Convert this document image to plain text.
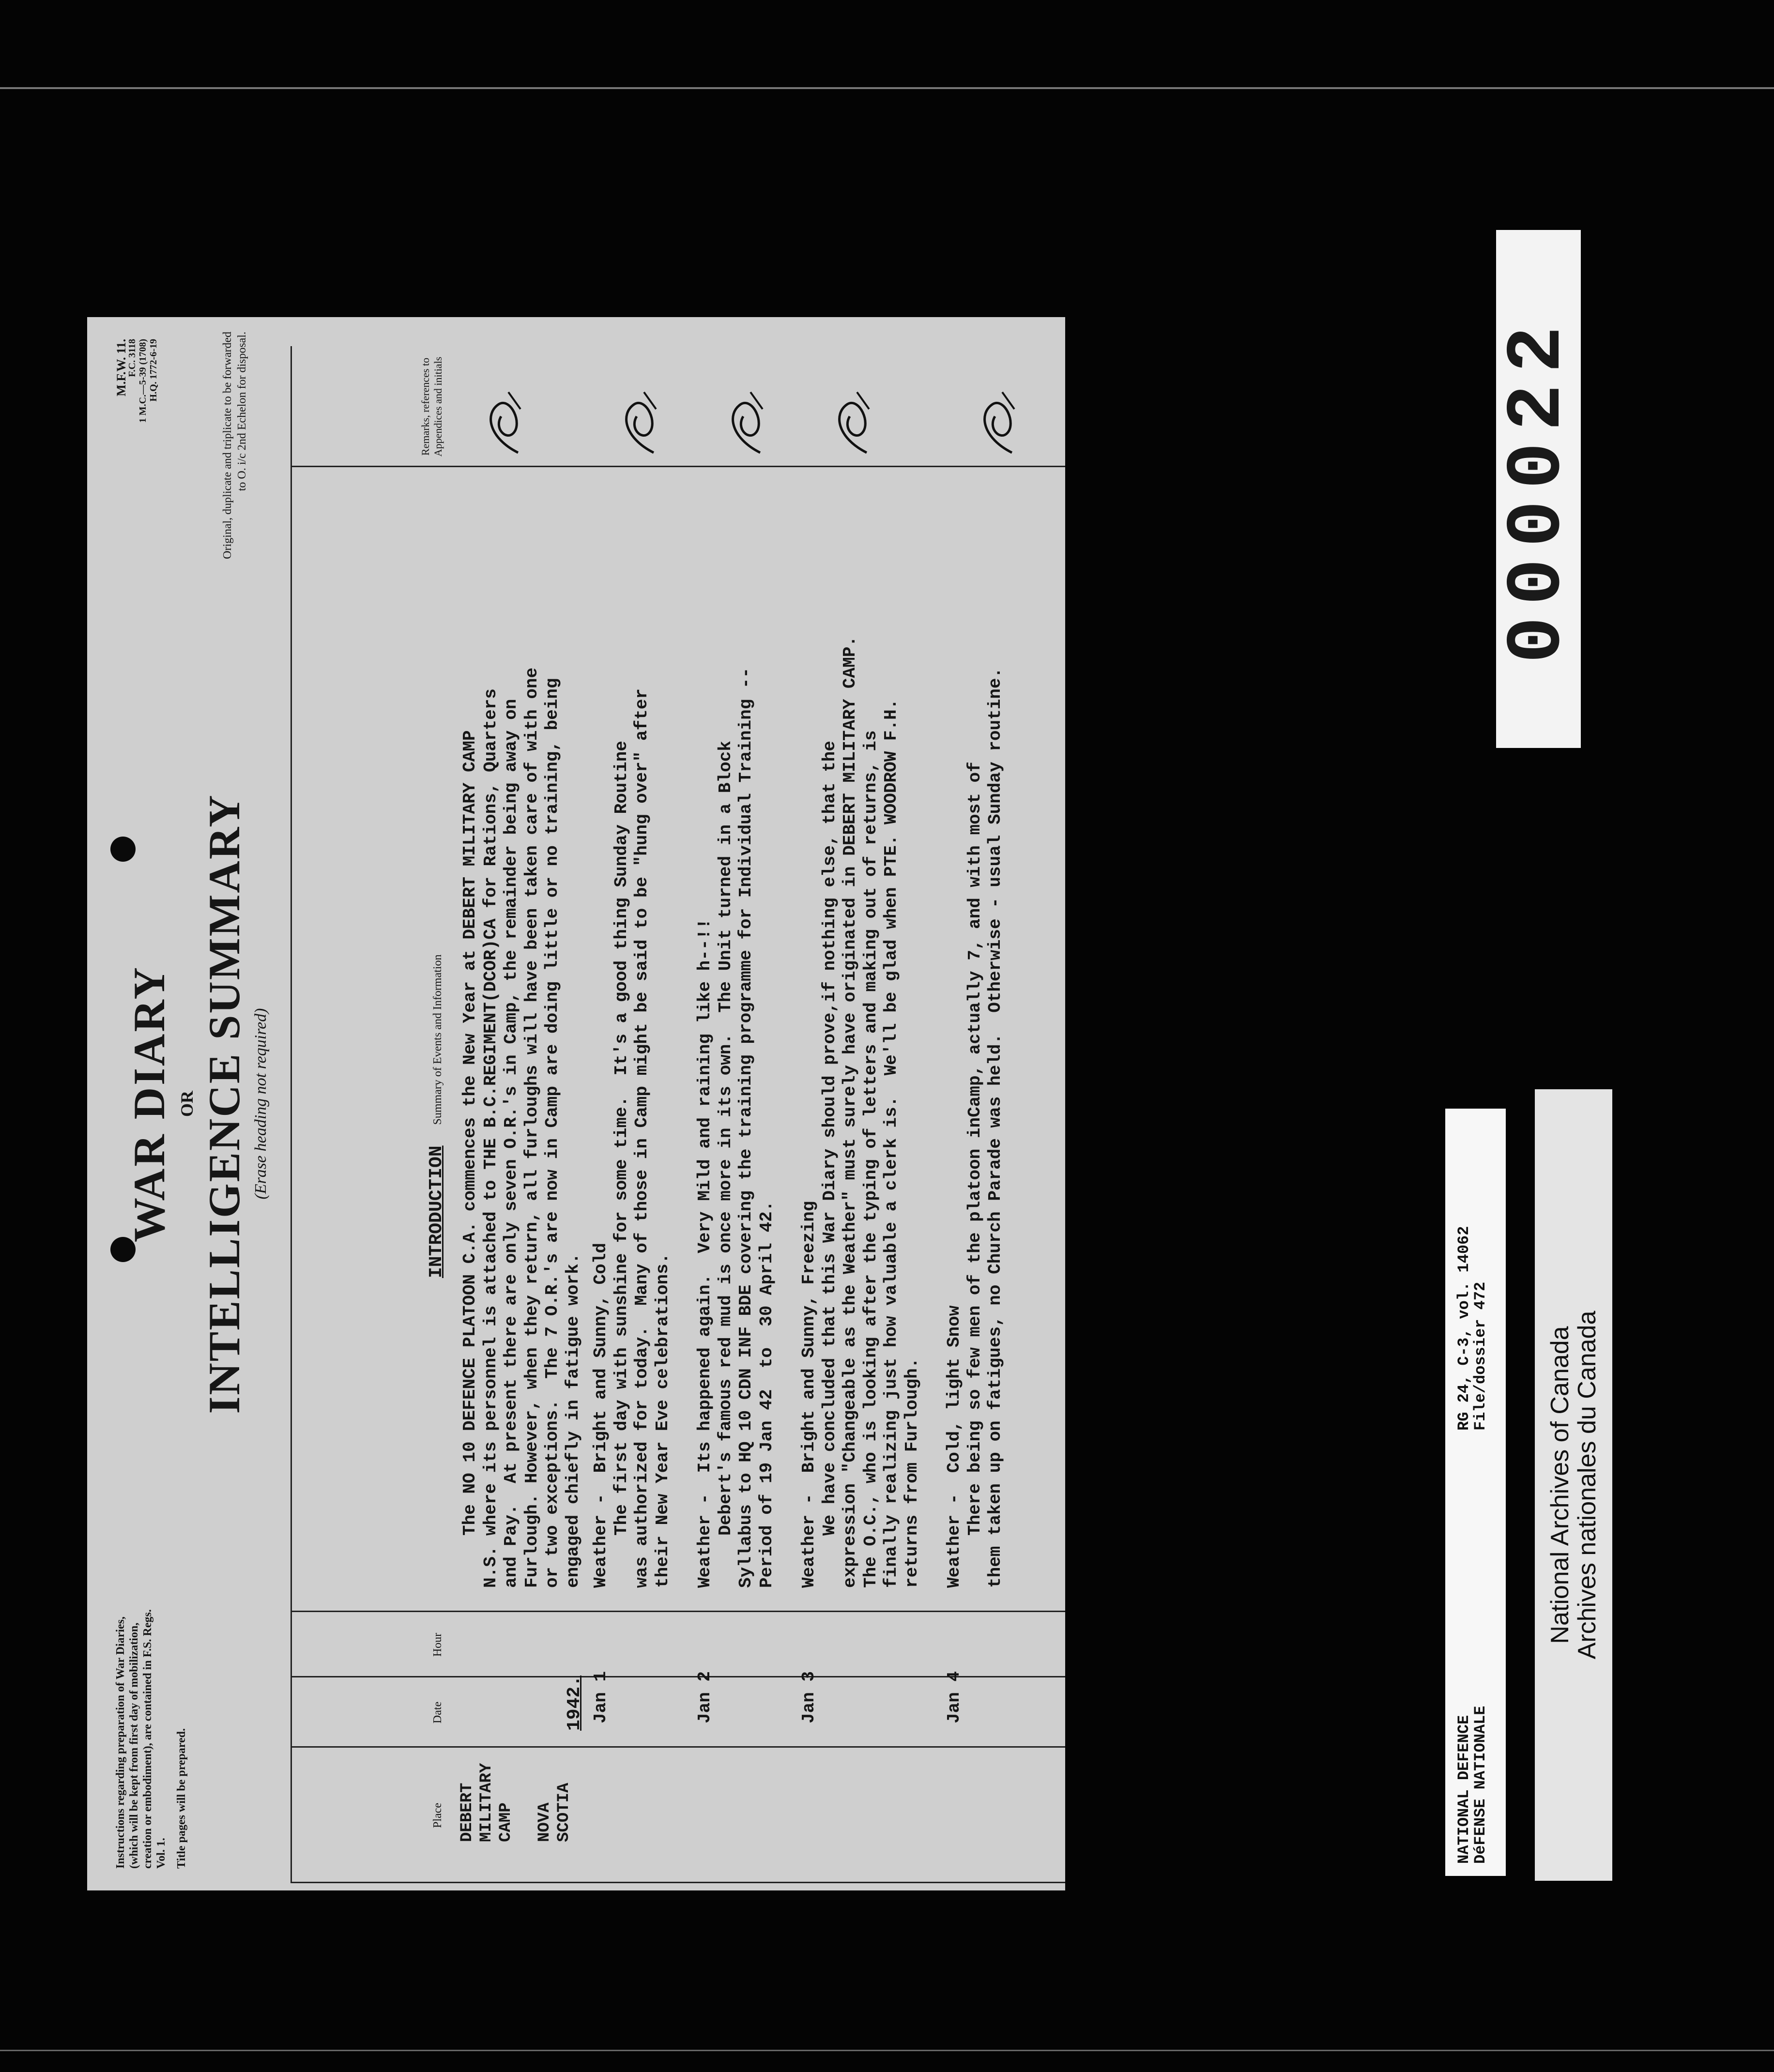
Instructions regarding preparation of War Diaries, (which will be kept from first day of mobilization, creation or embodiment), are contained in F.S. Regs. Vol. 1. Title pages will be prepared.
WAR DIARY OR INTELLIGENCE SUMMARY (Erase heading not required)
M.F.W. 11.
F.C. 3118 1 M.C.—5-39 (1708) H.Q. 1772-6-19	Original, duplicate and triplicate to be forwarded to O. i/c 2nd Echelon for disposal.
Place
Date
Hour
Summary of Events and Information
Remarks, references to Appendices and initials
DEBERT MILITARY CAMP NOVA SCOTIA
1942.
INTRODUCTION
The NO 10 DEFENCE PLATOON C.A. commences the New Year at DEBERT MILITARY CAMP
N.S. where its personnel is attached to THE B.C.REGIMENT(DCOR)CA for Rations, Quarters
and Pay.  At present there are only seven O.R.'s in Camp, the remainder being away on
Furlough. However, when they return, all furloughs will have been taken care of with one
or two exceptions.  The 7 O.R.'s are now in Camp are doing little or no training, being
engaged chiefly in fatigue work.
Jan 1
Weather -  Bright and Sunny, Cold
The first day with sunshine for some time.  It's a good thing Sunday Routine
was authorized for today.  Many of those in Camp might be said to be "hung over" after
their New Year Eve celebrations.
Jan 2
Weather -  Its happened again.  Very Mild and raining like h--!!
Debert's famous red mud is once more in its own.  The Unit turned in a Block
Syllabus to HQ 10 CDN INF BDE covering the training programme for Individual Training --
Period of 19 Jan 42  to  30 April 42.
Jan 3
Weather -  Bright and Sunny, Freezing
We have concluded that this War Diary should prove,if nothing else, that the
expression "Changeable as the Weather" must surely have originated in DEBERT MILITARY CAMP.
The O.C., who is looking after the typing of letters and making out of returns, is
finally realizing just how valuable a clerk is.  We'll be glad when PTE. WOODROW F.H.
returns from Furlough.
Jan 4
Weather -  Cold, light Snow
There being so few men of the platoon inCamp, actually 7, and with most of
them taken up on fatigues, no Church Parade was held.  Otherwise - usual Sunday routine.
000022
NATIONAL DEFENCE
DéFENSE NATIONALE
RG 24, C-3, vol. 14062
File/dossier 472 National Archives of Canada
Archives nationales du Canada
